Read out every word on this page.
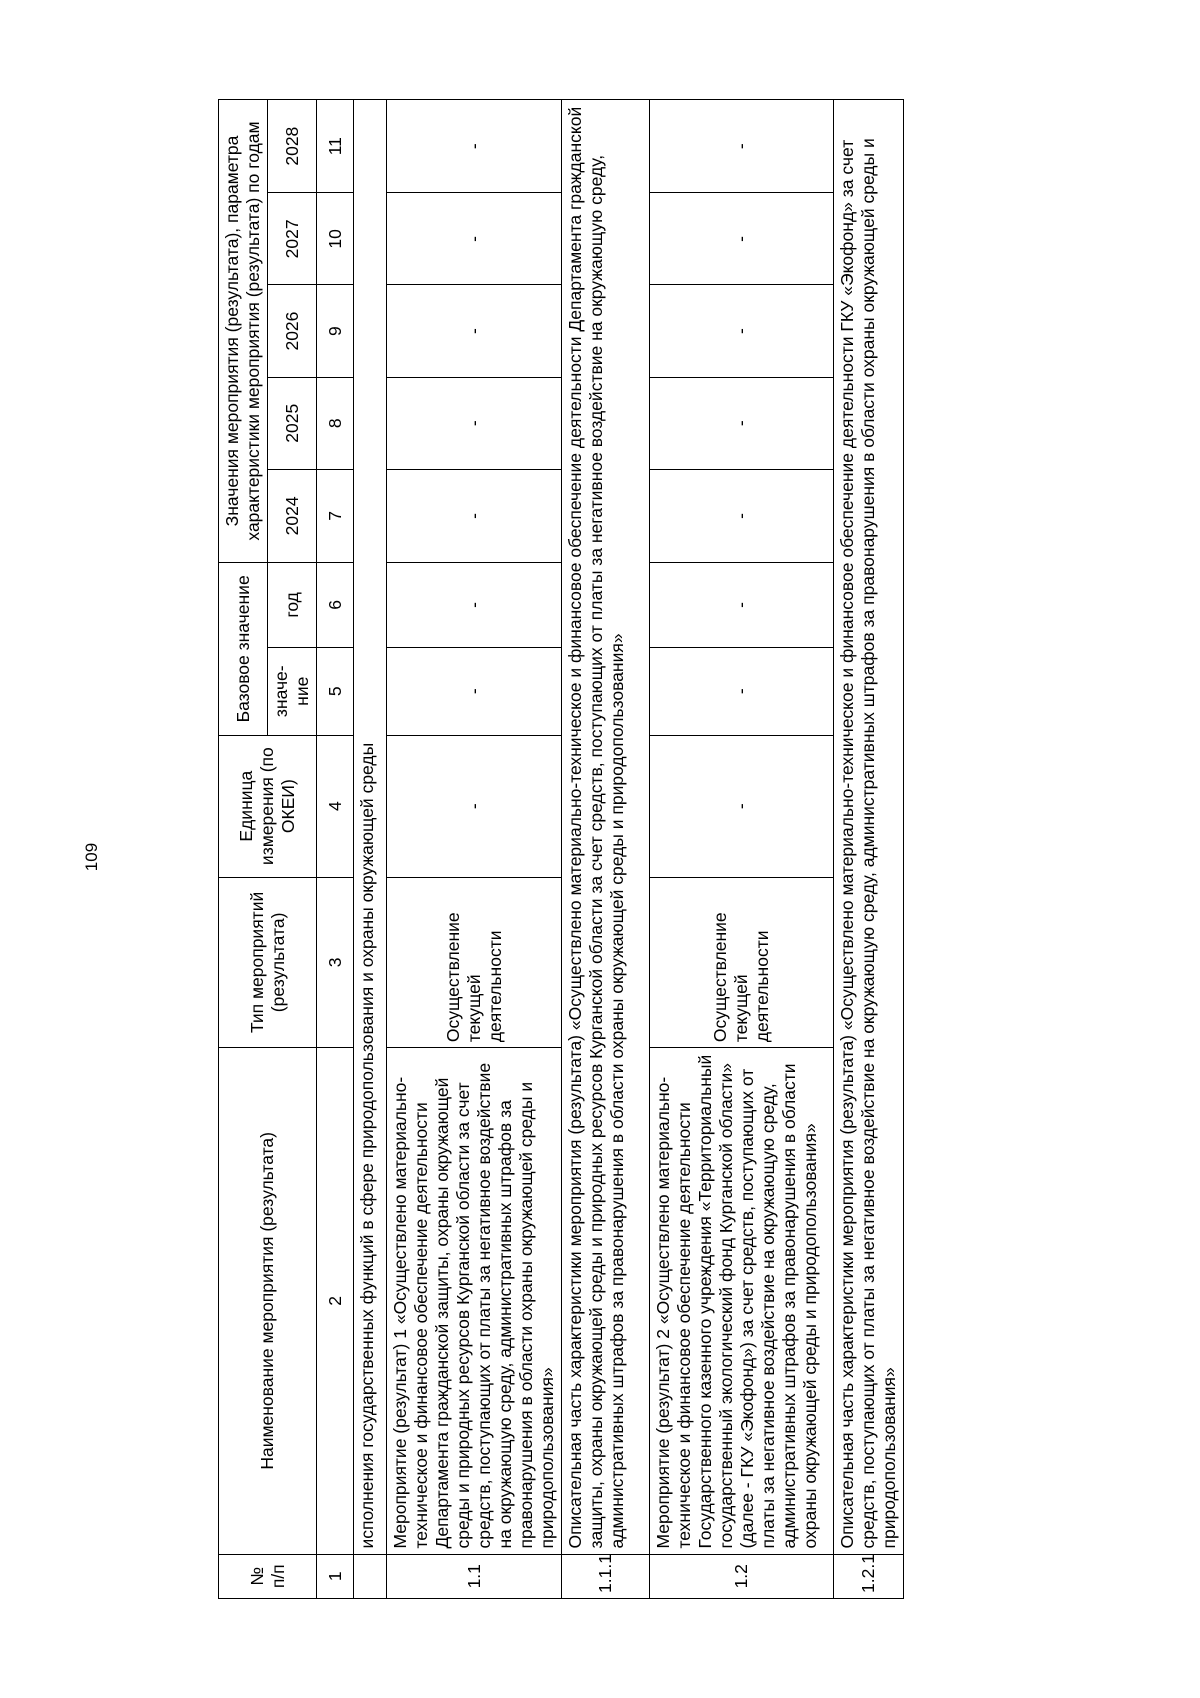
109
№ п/п	Наименование мероприятия (результата)	Тип мероприятий (результата)	Единица измерения (по ОКЕИ)	Базовое значение		Значения мероприятия (результата), параметра характеристики мероприятия (результата) по годам				
				значе-ние	год	2024	2025	2026	2027	2028
1	2	3	4	5	6	7	8	9	10	11
	исполнения государственных функций в сфере природопользования и охраны окружающей среды									
1.1	Мероприятие (результат) 1 «Осуществлено материально-техническое и финансовое обеспечение деятельности Департамента гражданской защиты, охраны окружающей среды и природных ресурсов Курганской области за счет средств, поступающих от платы за негативное воздействие на окружающую среду, административных штрафов за правонарушения в области охраны окружающей среды и природопользования»	Осуществление текущей деятельности	-	-	-	-	-	-	-	-
1.1.1	Описательная часть характеристики мероприятия (результата) «Осуществлено материально-техническое и финансовое обеспечение деятельности Департамента гражданской защиты, охраны окружающей среды и природных ресурсов Курганской области за счет средств, поступающих от платы за негативное воздействие на окружающую среду, административных штрафов за правонарушения в области охраны окружающей среды и природопользования»									
1.2	Мероприятие (результат) 2 «Осуществлено материально-техническое и финансовое обеспечение деятельности Государственного казенного учреждения «Территориальный государственный экологический фонд Курганской области» (далее - ГКУ «Экофонд») за счет средств, поступающих от платы за негативное воздействие на окружающую среду, административных штрафов за правонарушения в области охраны окружающей среды и природопользования»	Осуществление текущей деятельности	-	-	-	-	-	-	-	-
1.2.1	Описательная часть характеристики мероприятия (результата) «Осуществлено материально-техническое и финансовое обеспечение деятельности ГКУ «Экофонд» за счет средств, поступающих от платы за негативное воздействие на окружающую среду, административных штрафов за правонарушения в области охраны окружающей среды и природопользования»									
